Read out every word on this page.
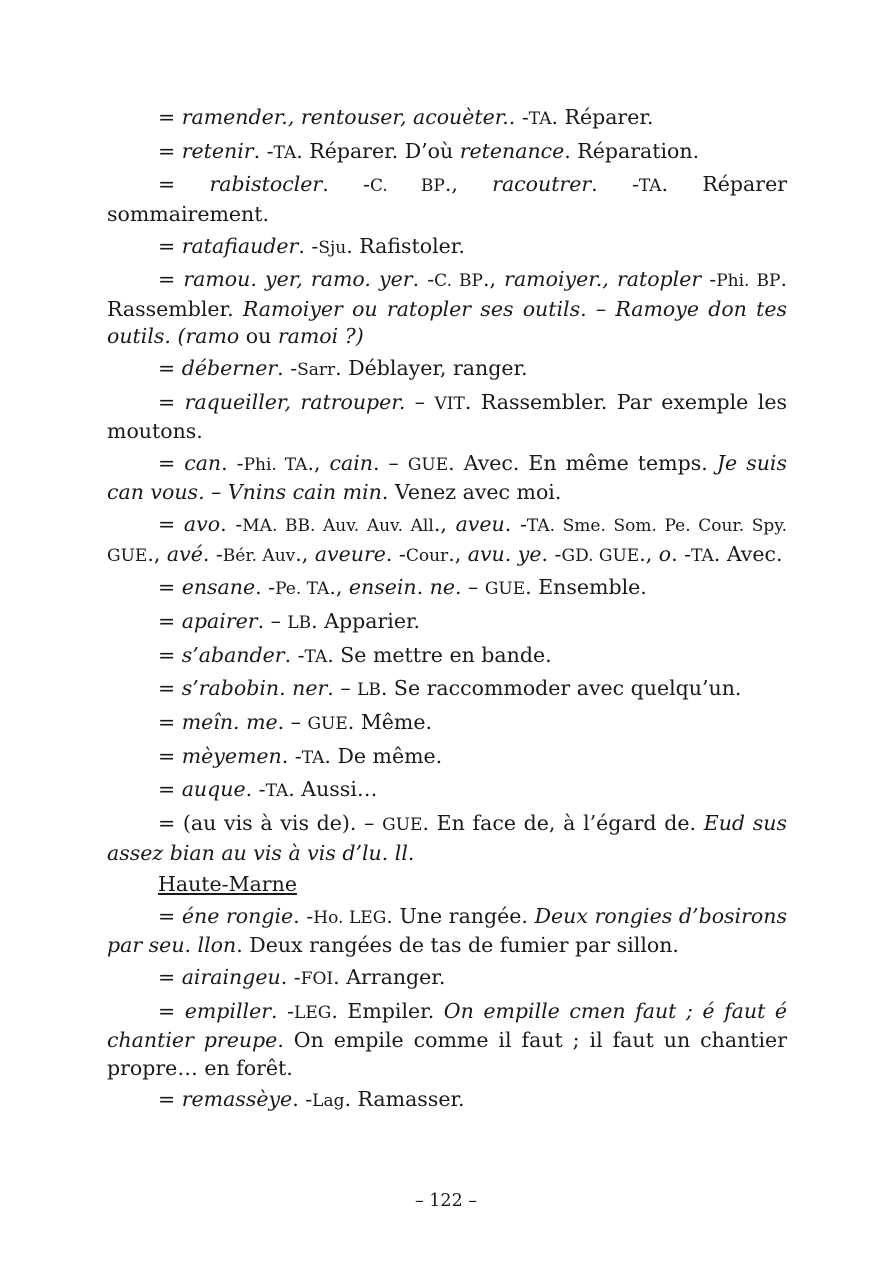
= ramender., rentouser, acouèter.. -TA. Réparer.

= retenir. -TA. Réparer. D’où retenance. Réparation.

= rabistocler. -C. BP., racoutrer. -TA. Réparer sommairement.

= ratafiauder. -Sju. Rafistoler.

= ramou. yer, ramo. yer. -C. BP., ramoiyer., ratopler -Phi. BP. Rassembler. Ramoiyer ou ratopler ses outils. – Ramoye don tes outils. (ramo ou ramoi ?)

= déberner. -Sarr. Déblayer, ranger.

= raqueiller, ratrouper. – VIT. Rassembler. Par exemple les moutons.

= can. -Phi. TA., cain. – GUE. Avec. En même temps. Je suis can vous. – Vnins cain min. Venez avec moi.

= avo. -MA. BB. Auv. Auv. All., aveu. -TA. Sme. Som. Pe. Cour. Spy. GUE., avé. -Bér. Auv., aveure. -Cour., avu. ye. -GD. GUE., o. -TA. Avec.

= ensane. -Pe. TA., ensein. ne. – GUE. Ensemble.

= apairer. – LB. Apparier.

= s’abander. -TA. Se mettre en bande.

= s’rabobin. ner. – LB. Se raccommoder avec quelqu’un.

= meîn. me. – GUE. Même.

= mèyemen. -TA. De même.

= auque. -TA. Aussi…

= (au vis à vis de). – GUE. En face de, à l’égard de. Eud sus assez bian au vis à vis d’lu. ll.

Haute-Marne

= éne rongie. -Ho. LEG. Une rangée. Deux rongies d’bosirons par seu. llon. Deux rangées de tas de fumier par sillon.

= airaingeu. -FOI. Arranger.

= empiller. -LEG. Empiler. On empille cmen faut ; é faut é chantier preupe. On empile comme il faut ; il faut un chantier propre… en forêt.

= remassèye. -Lag. Ramasser.

– 122 –
